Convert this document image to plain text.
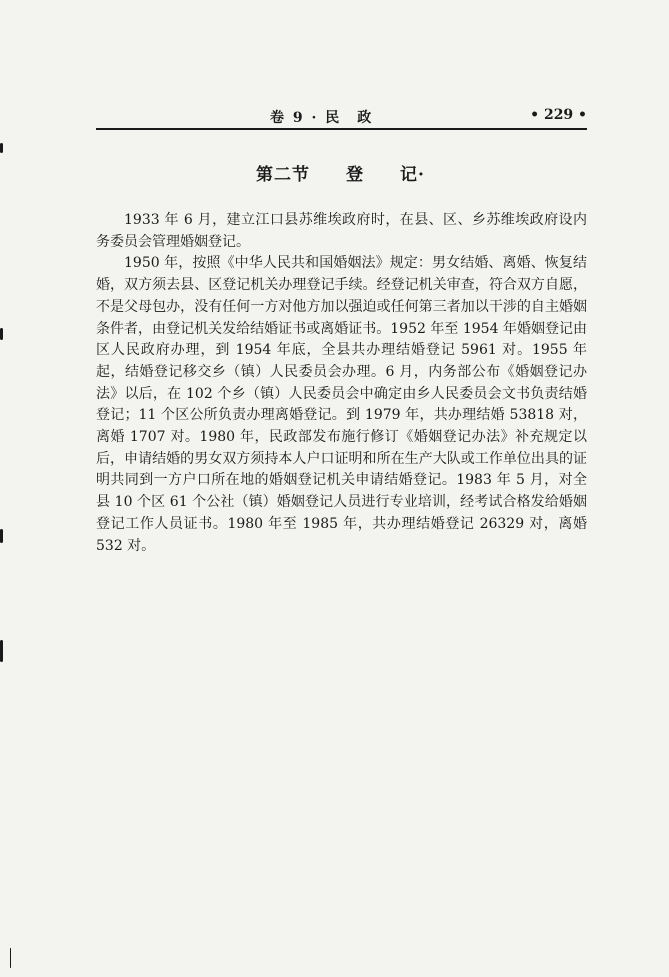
卷 9 · 民　政	• 229 •
第二节　　登　　记·

1933 年 6 月，建立江口县苏维埃政府时，在县、区、乡苏维埃政府设内务委员会管理婚姻登记。

1950 年，按照《中华人民共和国婚姻法》规定：男女结婚、离婚、恢复结婚，双方须去县、区登记机关办理登记手续。经登记机关审查，符合双方自愿，不是父母包办，没有任何一方对他方加以强迫或任何第三者加以干涉的自主婚姻条件者，由登记机关发给结婚证书或离婚证书。1952 年至 1954 年婚姻登记由区人民政府办理，到 1954 年底，全县共办理结婚登记 5961 对。1955 年起，结婚登记移交乡（镇）人民委员会办理。6 月，内务部公布《婚姻登记办法》以后，在 102 个乡（镇）人民委员会中确定由乡人民委员会文书负责结婚登记；11 个区公所负责办理离婚登记。到 1979 年，共办理结婚 53818 对，离婚 1707 对。1980 年，民政部发布施行修订《婚姻登记办法》补充规定以后，申请结婚的男女双方须持本人户口证明和所在生产大队或工作单位出具的证明共同到一方户口所在地的婚姻登记机关申请结婚登记。1983 年 5 月，对全县 10 个区 61 个公社（镇）婚姻登记人员进行专业培训，经考试合格发给婚姻登记工作人员证书。1980 年至 1985 年，共办理结婚登记 26329 对，离婚 532 对。
